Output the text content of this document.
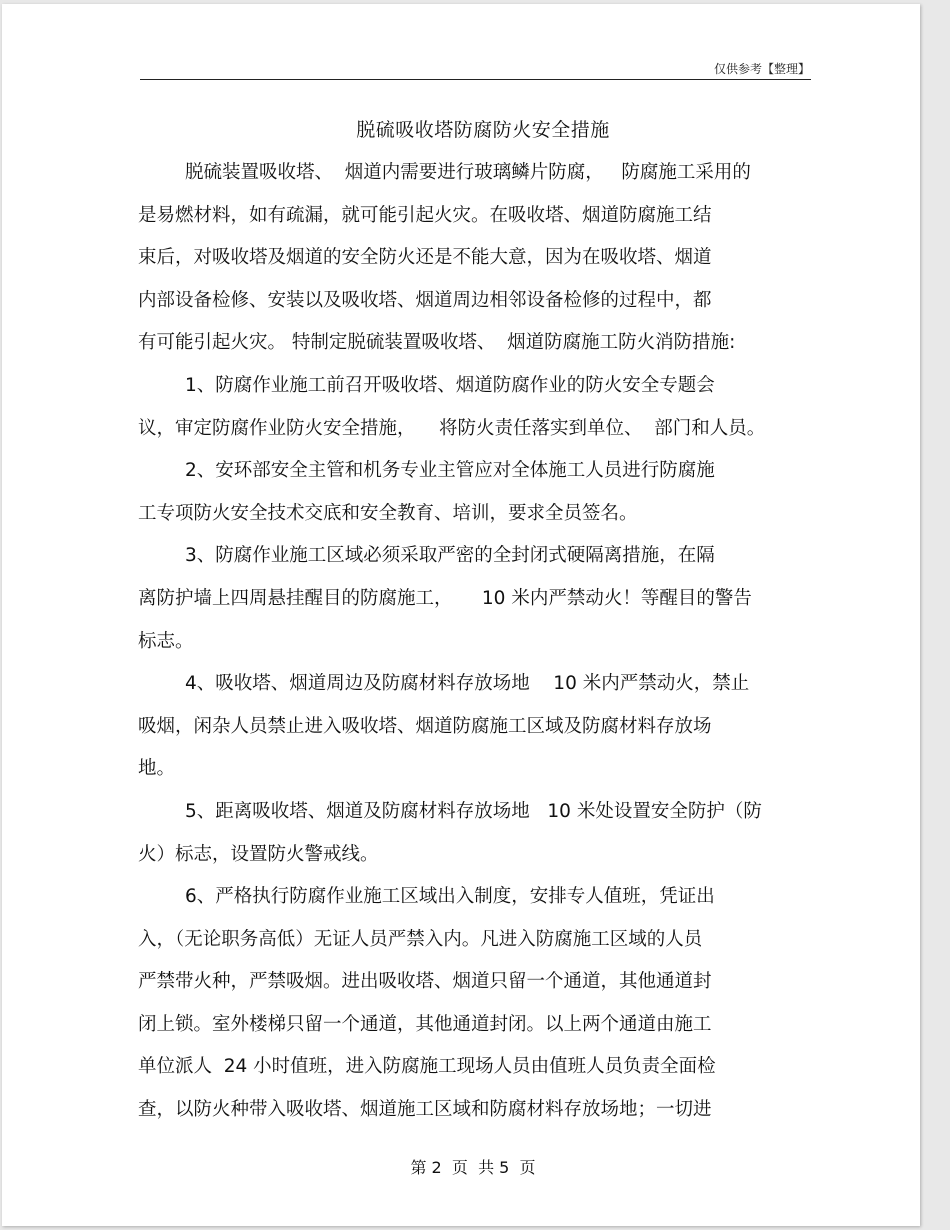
仅供参考【整理】
脱硫吸收塔防腐防火安全措施
脱硫装置吸收塔、  烟道内需要进行玻璃鳞片防腐，   防腐施工采用的
是易燃材料，如有疏漏，就可能引起火灾。在吸收塔、烟道防腐施工结
束后，对吸收塔及烟道的安全防火还是不能大意，因为在吸收塔、烟道
内部设备检修、安装以及吸收塔、烟道周边相邻设备检修的过程中，都
有可能引起火灾。 特制定脱硫装置吸收塔、  烟道防腐施工防火消防措施:
1、防腐作业施工前召开吸收塔、烟道防腐作业的防火安全专题会
议，审定防腐作业防火安全措施，    将防火责任落实到单位、  部门和人员。
2、安环部安全主管和机务专业主管应对全体施工人员进行防腐施
工专项防火安全技术交底和安全教育、培训，要求全员签名。
3、防腐作业施工区域必须采取严密的全封闭式硬隔离措施，在隔
离防护墙上四周悬挂醒目的防腐施工，     10 米内严禁动火！等醒目的警告
标志。
4、吸收塔、烟道周边及防腐材料存放场地    10 米内严禁动火，禁止
吸烟，闲杂人员禁止进入吸收塔、烟道防腐施工区域及防腐材料存放场
地。
5、距离吸收塔、烟道及防腐材料存放场地   10 米处设置安全防护（防
火）标志，设置防火警戒线。
6、严格执行防腐作业施工区域出入制度，安排专人值班，凭证出
入，（无论职务高低）无证人员严禁入内。凡进入防腐施工区域的人员
严禁带火种，严禁吸烟。进出吸收塔、烟道只留一个通道，其他通道封
闭上锁。室外楼梯只留一个通道，其他通道封闭。以上两个通道由施工
单位派人  24 小时值班，进入防腐施工现场人员由值班人员负责全面检
查，以防火种带入吸收塔、烟道施工区域和防腐材料存放场地；一切进
第 2  页  共 5  页
